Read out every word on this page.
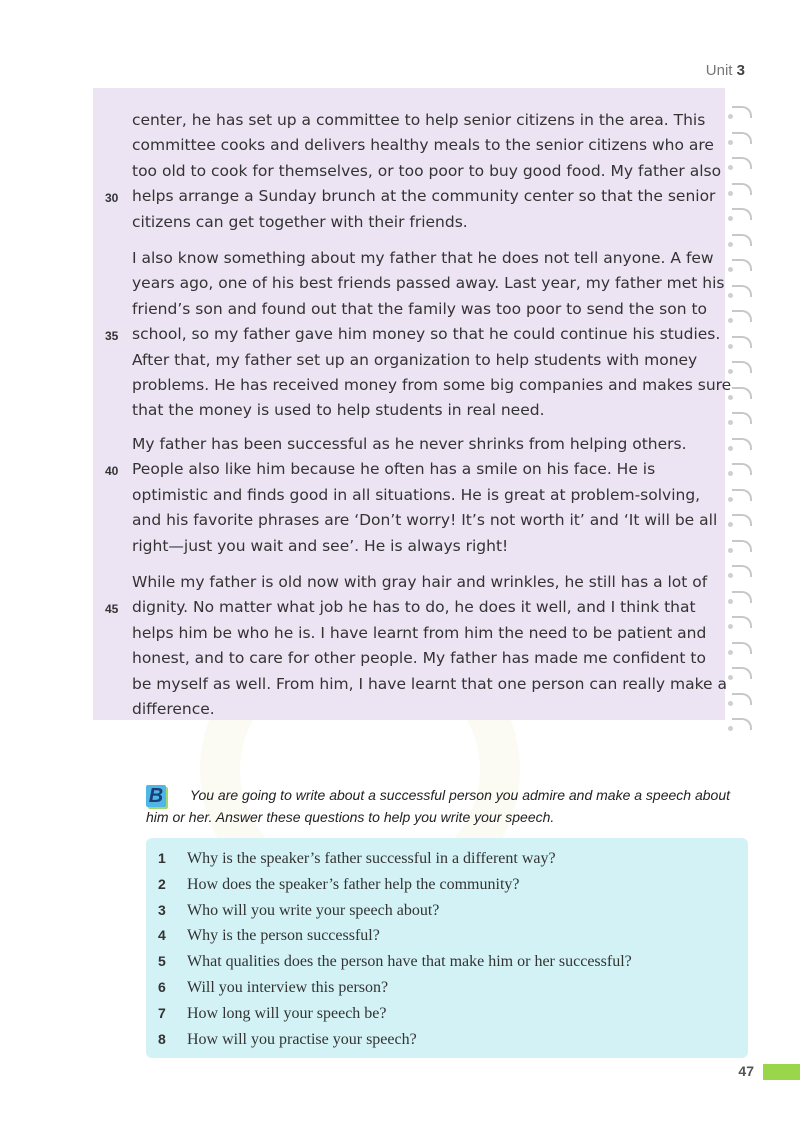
Unit 3
center, he has set up a committee to help senior citizens in the area. This
committee cooks and delivers healthy meals to the senior citizens who are
too old to cook for themselves, or too poor to buy good food. My father also
30 helps arrange a Sunday brunch at the community center so that the senior
citizens can get together with their friends.
I also know something about my father that he does not tell anyone. A few
years ago, one of his best friends passed away. Last year, my father met his
friend’s son and found out that the family was too poor to send the son to
35 school, so my father gave him money so that he could continue his studies.
After that, my father set up an organization to help students with money
problems. He has received money from some big companies and makes sure
that the money is used to help students in real need.
My father has been successful as he never shrinks from helping others.
40 People also like him because he often has a smile on his face. He is
optimistic and finds good in all situations. He is great at problem-solving,
and his favorite phrases are ‘Don’t worry! It’s not worth it’ and ‘It will be all
right—just you wait and see’. He is always right!
While my father is old now with gray hair and wrinkles, he still has a lot of
45 dignity. No matter what job he has to do, he does it well, and I think that
helps him be who he is. I have learnt from him the need to be patient and
honest, and to care for other people. My father has made me confident to
be myself as well. From him, I have learnt that one person can really make a
difference.

B You are going to write about a successful person you admire and make a speech about
him or her. Answer these questions to help you write your speech.

1	Why is the speaker’s father successful in a different way?
2	How does the speaker’s father help the community?
3	Who will you write your speech about?
4	Why is the person successful?
5	What qualities does the person have that make him or her successful?
6	Will you interview this person?
7	How long will your speech be?
8	How will you practise your speech?
47
